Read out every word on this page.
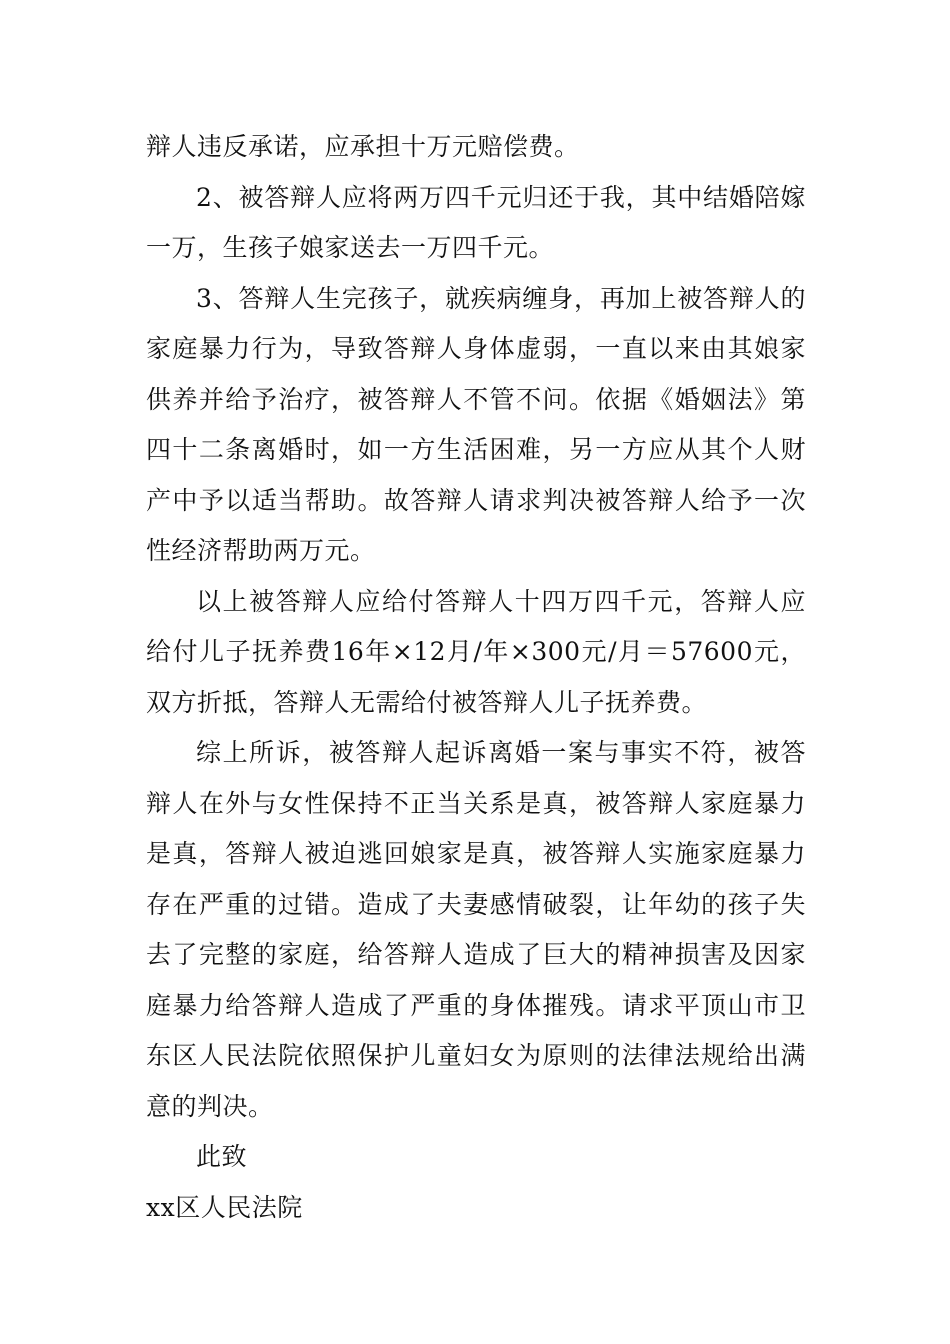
辩人违反承诺，应承担十万元赔偿费。

2、被答辩人应将两万四千元归还于我，其中结婚陪嫁一万，生孩子娘家送去一万四千元。

3、答辩人生完孩子，就疾病缠身，再加上被答辩人的家庭暴力行为，导致答辩人身体虚弱，一直以来由其娘家供养并给予治疗，被答辩人不管不问。依据《婚姻法》第四十二条离婚时，如一方生活困难，另一方应从其个人财产中予以适当帮助。故答辩人请求判决被答辩人给予一次性经济帮助两万元。

以上被答辩人应给付答辩人十四万四千元，答辩人应给付儿子抚养费16年×12月/年×300元/月＝57600元，双方折抵，答辩人无需给付被答辩人儿子抚养费。

综上所诉，被答辩人起诉离婚一案与事实不符，被答辩人在外与女性保持不正当关系是真，被答辩人家庭暴力是真，答辩人被迫逃回娘家是真，被答辩人实施家庭暴力存在严重的过错。造成了夫妻感情破裂，让年幼的孩子失去了完整的家庭，给答辩人造成了巨大的精神损害及因家庭暴力给答辩人造成了严重的身体摧残。请求平顶山市卫东区人民法院依照保护儿童妇女为原则的法律法规给出满意的判决。

此致

xx区人民法院
